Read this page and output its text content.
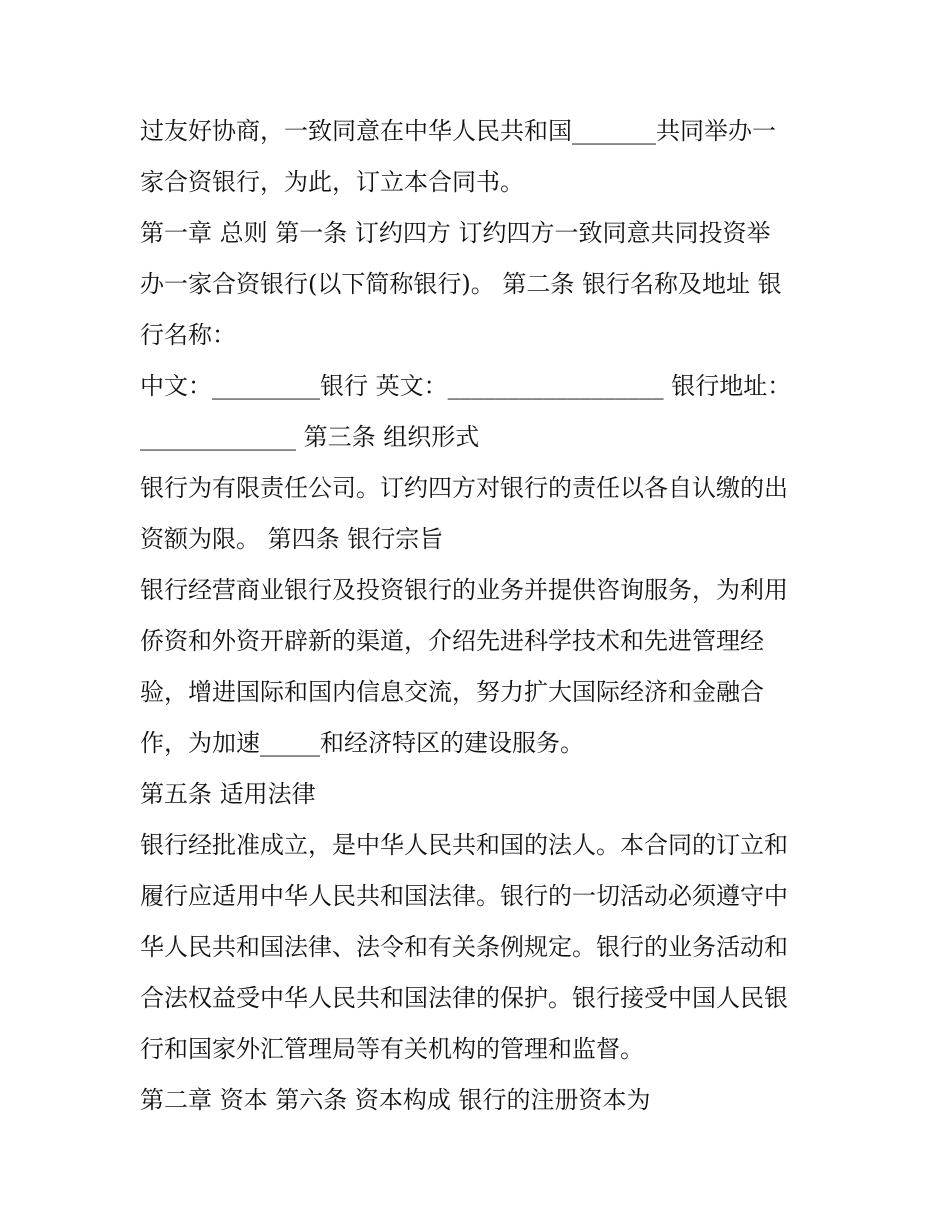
过友好协商，一致同意在中华人民共和国_______共同举办一
家合资银行，为此，订立本合同书。
第一章 总则 第一条 订约四方 订约四方一致同意共同投资举
办一家合资银行(以下简称银行)。 第二条 银行名称及地址 银
行名称：
中文：_________银行 英文：__________________ 银行地址：
_____________ 第三条 组织形式
银行为有限责任公司。订约四方对银行的责任以各自认缴的出
资额为限。 第四条 银行宗旨
银行经营商业银行及投资银行的业务并提供咨询服务，为利用
侨资和外资开辟新的渠道，介绍先进科学技术和先进管理经
验，增进国际和国内信息交流，努力扩大国际经济和金融合
作，为加速_____和经济特区的建设服务。
第五条 适用法律
银行经批准成立，是中华人民共和国的法人。本合同的订立和
履行应适用中华人民共和国法律。银行的一切活动必须遵守中
华人民共和国法律、法令和有关条例规定。银行的业务活动和
合法权益受中华人民共和国法律的保护。银行接受中国人民银
行和国家外汇管理局等有关机构的管理和监督。
第二章 资本 第六条 资本构成 银行的注册资本为
